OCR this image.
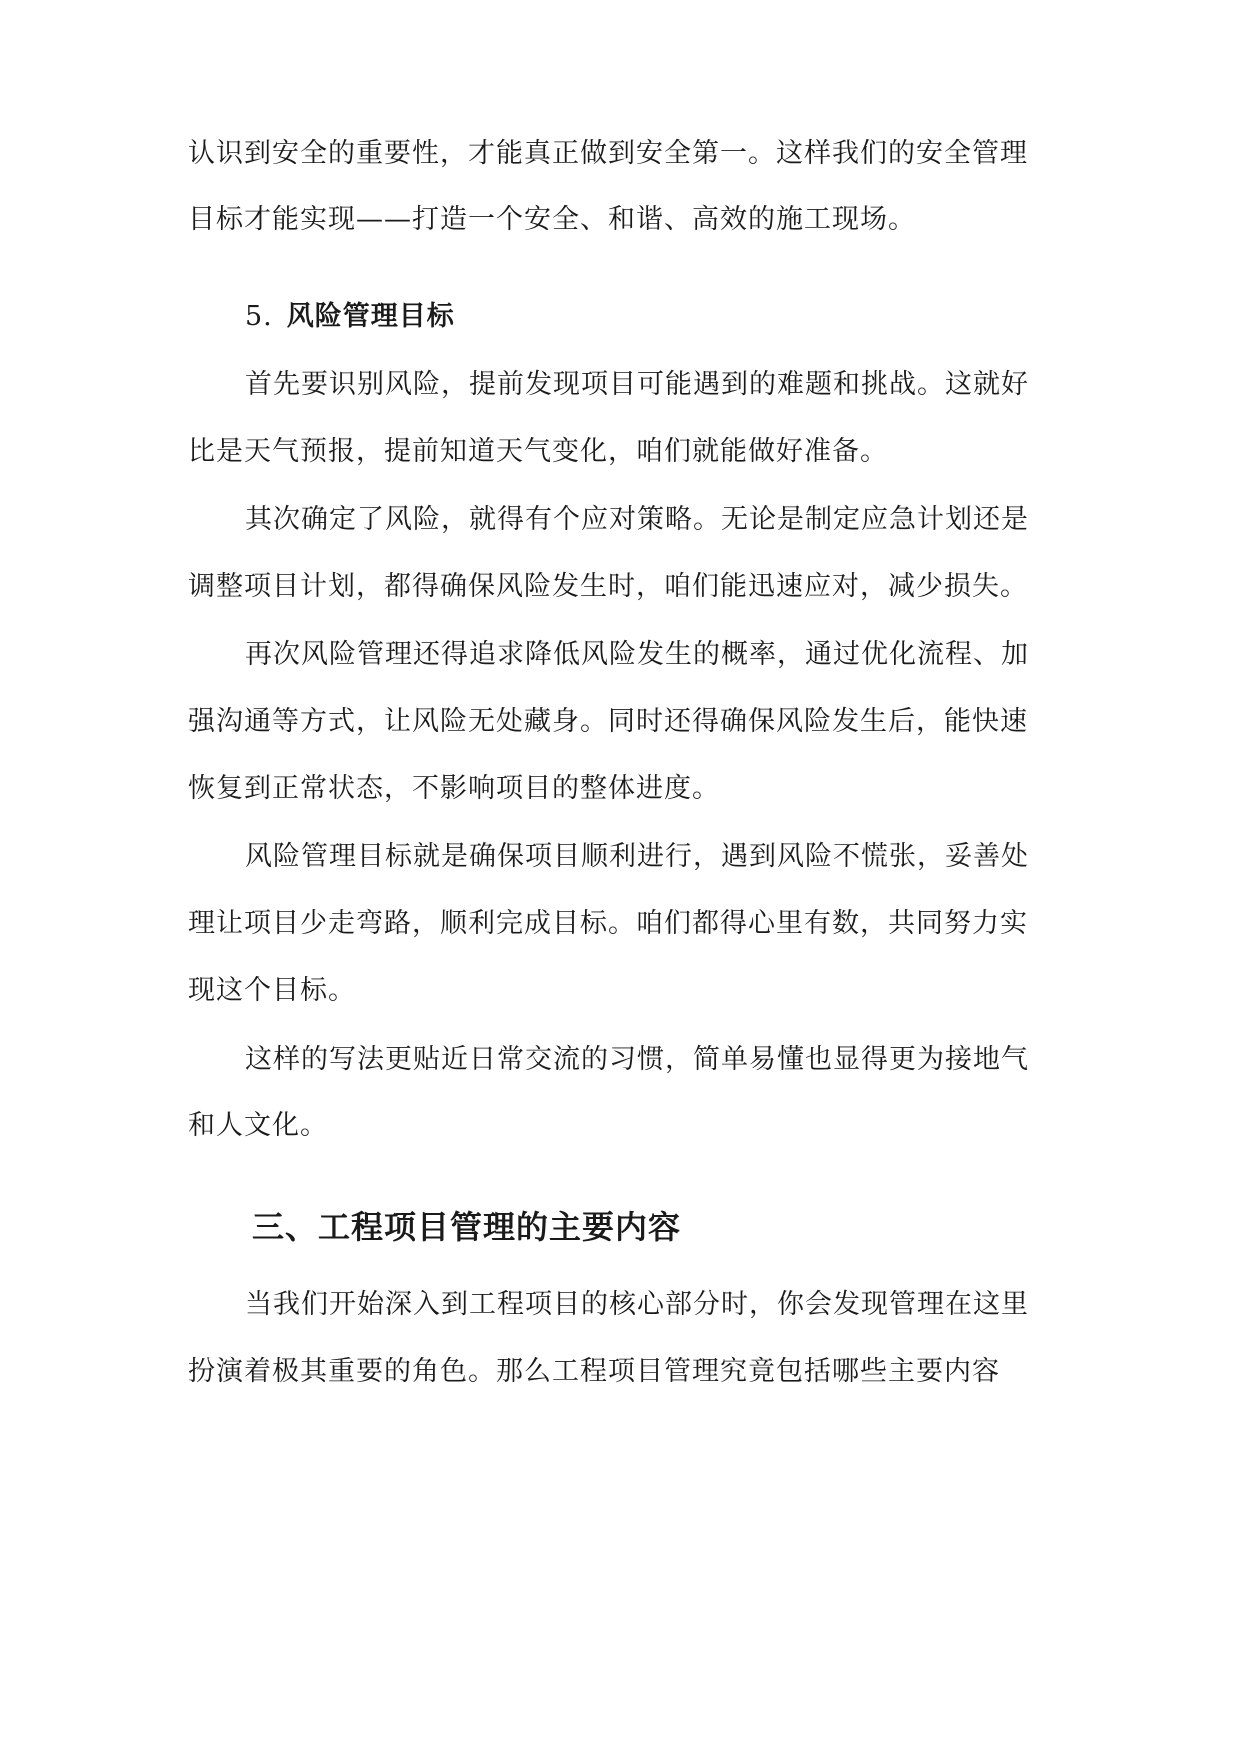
认识到安全的重要性，才能真正做到安全第一。这样我们的安全管理
目标才能实现——打造一个安全、和谐、高效的施工现场。
5. 风险管理目标
首先要识别风险，提前发现项目可能遇到的难题和挑战。这就好
比是天气预报，提前知道天气变化，咱们就能做好准备。
其次确定了风险，就得有个应对策略。无论是制定应急计划还是
调整项目计划，都得确保风险发生时，咱们能迅速应对，减少损失。
再次风险管理还得追求降低风险发生的概率，通过优化流程、加
强沟通等方式，让风险无处藏身。同时还得确保风险发生后，能快速
恢复到正常状态，不影响项目的整体进度。
风险管理目标就是确保项目顺利进行，遇到风险不慌张，妥善处
理让项目少走弯路，顺利完成目标。咱们都得心里有数，共同努力实
现这个目标。
这样的写法更贴近日常交流的习惯，简单易懂也显得更为接地气
和人文化。
三、工程项目管理的主要内容
当我们开始深入到工程项目的核心部分时，你会发现管理在这里
扮演着极其重要的角色。那么工程项目管理究竟包括哪些主要内容
